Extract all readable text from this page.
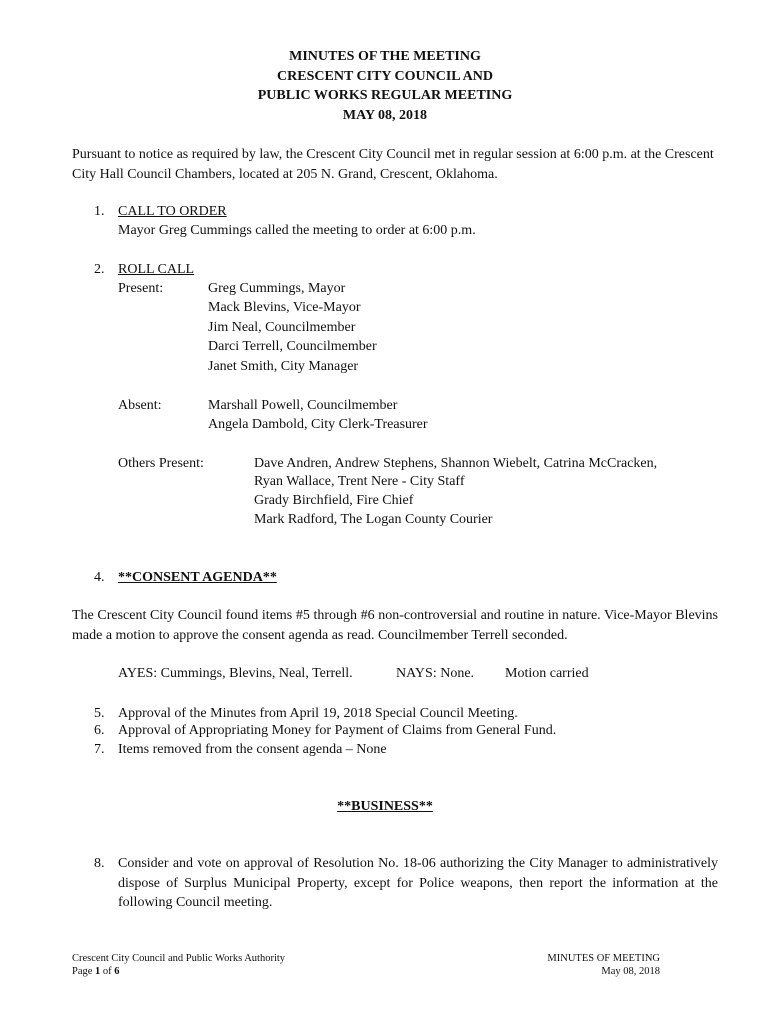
MINUTES OF THE MEETING
CRESCENT CITY COUNCIL AND
PUBLIC WORKS REGULAR MEETING
MAY 08, 2018
Pursuant to notice as required by law, the Crescent City Council met in regular session at 6:00 p.m. at the Crescent City Hall Council Chambers, located at 205 N. Grand, Crescent, Oklahoma.
1. CALL TO ORDER
Mayor Greg Cummings called the meeting to order at 6:00 p.m.
2. ROLL CALL
Present:	Greg Cummings, Mayor
Mack Blevins, Vice-Mayor
Jim Neal, Councilmember
Darci Terrell, Councilmember
Janet Smith, City Manager
Absent:	Marshall Powell, Councilmember
Angela Dambold, City Clerk-Treasurer
Others Present:	Dave Andren, Andrew Stephens, Shannon Wiebelt, Catrina McCracken,
Ryan Wallace, Trent Nere - City Staff
Grady Birchfield, Fire Chief
Mark Radford, The Logan County Courier
4. **CONSENT AGENDA**
The Crescent City Council found items #5 through #6 non-controversial and routine in nature. Vice-Mayor Blevins made a motion to approve the consent agenda as read. Councilmember Terrell seconded.
AYES: Cummings, Blevins, Neal, Terrell.	NAYS: None. Motion carried
5. Approval of the Minutes from April 19, 2018 Special Council Meeting.
6. Approval of Appropriating Money for Payment of Claims from General Fund.
7. Items removed from the consent agenda – None
**BUSINESS**
8. Consider and vote on approval of Resolution No. 18-06 authorizing the City Manager to administratively dispose of Surplus Municipal Property, except for Police weapons, then report the information at the following Council meeting.
Crescent City Council and Public Works Authority
Page 1 of 6
MINUTES OF MEETING
May 08, 2018
